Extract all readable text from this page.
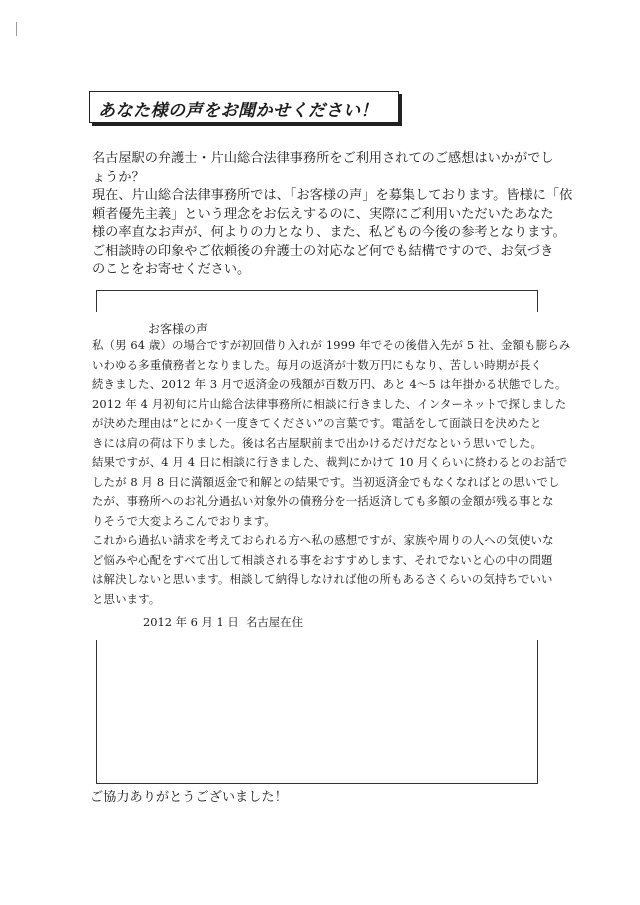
あなた様の声をお聞かせください！

名古屋駅の弁護士・片山総合法律事務所をご利用されてのご感想はいかがでし

ょうか？

現在、片山総合法律事務所では、「お客様の声」を募集しております。皆様に「依

頼者優先主義」という理念をお伝えするのに、実際にご利用いただいたあなた

様の率直なお声が、何よりの力となり、また、私どもの今後の参考となります。

ご相談時の印象やご依頼後の弁護士の対応など何でも結構ですので、お気づき

のことをお寄せください。

お客様の声
私（男 64 歳）の場合ですが初回借り入れが 1999 年でその後借入先が 5 社、金額も膨らみ
いわゆる多重債務者となりました。毎月の返済が十数万円にもなり、苦しい時期が長く
続きました、2012 年 3 月で返済金の残額が百数万円、あと 4～5 は年掛かる状態でした。
2012 年 4 月初旬に片山総合法律事務所に相談に行きました、インターネットで探しました
が決めた理由は“とにかく一度きてください”の言葉です。電話をして面談日を決めたと
きには肩の荷は下りました。後は名古屋駅前まで出かけるだけだなという思いでした。
結果ですが、4 月 4 日に相談に行きました、裁判にかけて 10 月くらいに終わるとのお話で
したが 8 月 8 日に満額返金で和解との結果です。当初返済金でもなくなればとの思いでし
たが、事務所へのお礼分過払い対象外の債務分を一括返済しても多額の金額が残る事とな
りそうで大変よろこんでおります。
これから過払い請求を考えておられる方へ私の感想ですが、家族や周りの人への気使いな
ど悩みや心配をすべて出して相談される事をおすすめします、それでないと心の中の問題
は解決しないと思います。相談して納得しなければ他の所もあるさくらいの気持ちでいい
と思います。
2012 年 6 月 1 日 名古屋在住
ご協力ありがとうございました！
